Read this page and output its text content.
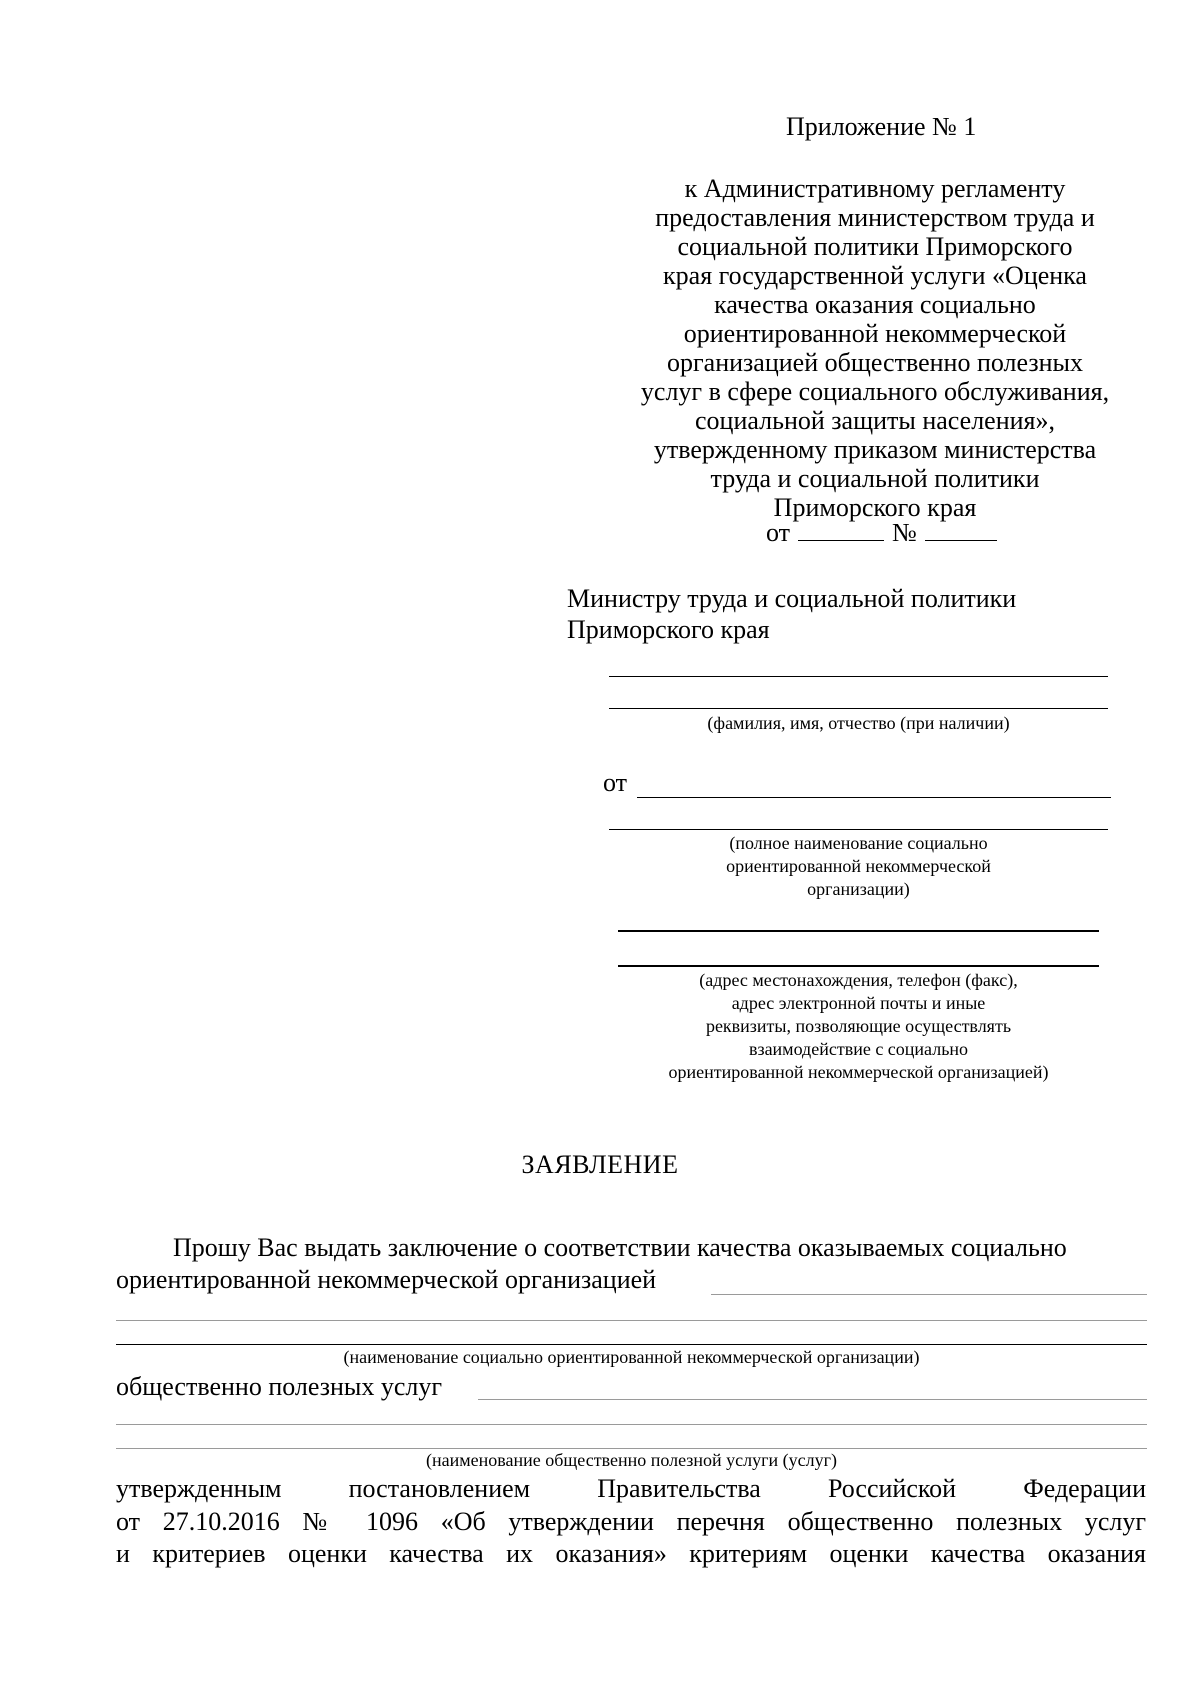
Приложение № 1
к Административному регламенту
предоставления министерством труда и
социальной политики Приморского
края государственной услуги «Оценка
качества оказания социально
ориентированной некоммерческой
организацией общественно полезных
услуг в сфере социального обслуживания,
социальной защиты населения»,
утвержденному приказом министерства
труда и социальной политики
Приморского края
от	№
Министру труда и социальной политики
Приморского края
(фамилия, имя, отчество (при наличии)
от
(полное наименование социально
ориентированной некоммерческой
организации)
(адрес местонахождения, телефон (факс),
адрес электронной почты и иные
реквизиты, позволяющие осуществлять
взаимодействие с социально
ориентированной некоммерческой организацией)
ЗАЯВЛЕНИЕ
Прошу Вас выдать заключение о соответствии качества оказываемых социально
ориентированной некоммерческой организацией
(наименование социально ориентированной некоммерческой организации)
общественно полезных услуг
(наименование общественно полезной услуги (услуг)
утвержденным постановлением Правительства Российской Федерации
от 27.10.2016 № 1096 «Об утверждении перечня общественно полезных услуг
и критериев оценки качества их оказания» критериям оценки качества оказания
